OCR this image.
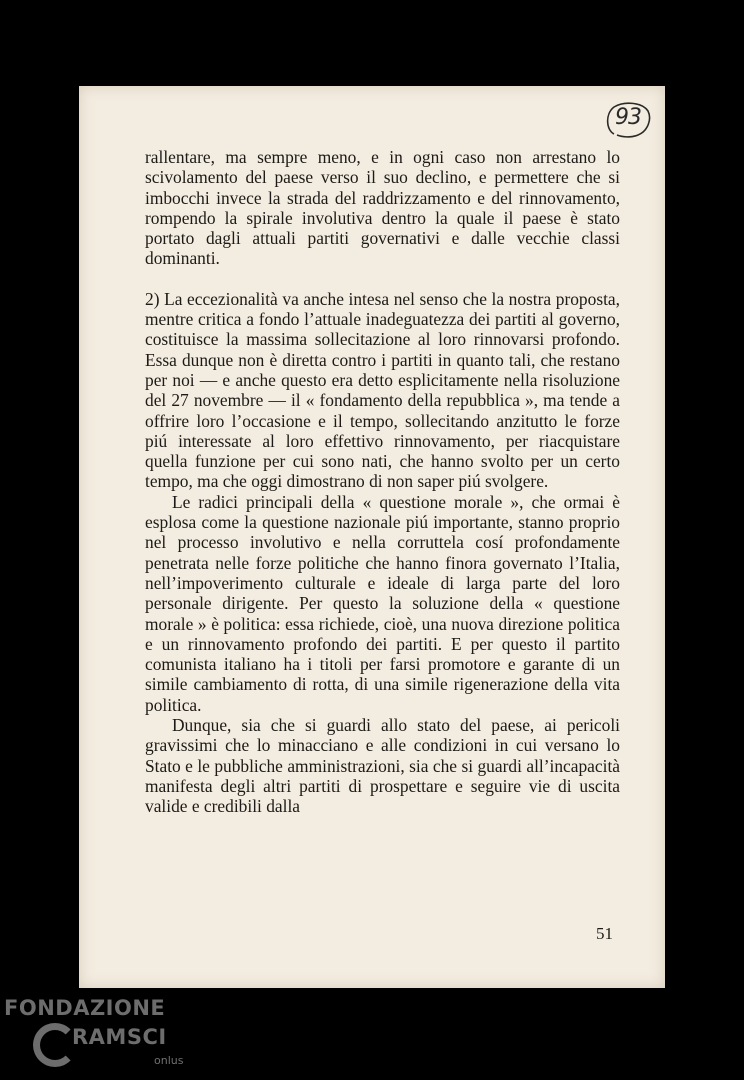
93

rallentare, ma sempre meno, e in ogni caso non arrestano lo scivolamento del paese verso il suo declino, e permettere che si imbocchi invece la strada del raddrizzamento e del rinnovamento, rompendo la spirale involutiva dentro la quale il paese è stato portato dagli attuali partiti governativi e dalle vecchie classi dominanti.

2) La eccezionalità va anche intesa nel senso che la nostra proposta, mentre critica a fondo l’attuale inadeguatezza dei partiti al governo, costituisce la massima sollecitazione al loro rinnovarsi profondo. Essa dunque non è diretta contro i partiti in quanto tali, che restano per noi — e anche questo era detto esplicitamente nella risoluzione del 27 novembre — il « fondamento della repubblica », ma tende a offrire loro l’occasione e il tempo, sollecitando anzitutto le forze piú interessate al loro effettivo rinnovamento, per riacquistare quella funzione per cui sono nati, che hanno svolto per un certo tempo, ma che oggi dimostrano di non saper piú svolgere.

Le radici principali della « questione morale », che ormai è esplosa come la questione nazionale piú importante, stanno proprio nel processo involutivo e nella corruttela cosí profondamente penetrata nelle forze politiche che hanno finora governato l’Italia, nell’impoverimento culturale e ideale di larga parte del loro personale dirigente. Per questo la soluzione della « questione morale » è politica: essa richiede, cioè, una nuova direzione politica e un rinnovamento profondo dei partiti. E per questo il partito comunista italiano ha i titoli per farsi promotore e garante di un simile cambiamento di rotta, di una simile rigenerazione della vita politica.

Dunque, sia che si guardi allo stato del paese, ai pericoli gravissimi che lo minacciano e alle condizioni in cui versano lo Stato e le pubbliche amministrazioni, sia che si guardi all’incapacità manifesta degli altri partiti di prospettare e seguire vie di uscita valide e credibili dalla

51
FONDAZIONE
RAMSCI
onlus
